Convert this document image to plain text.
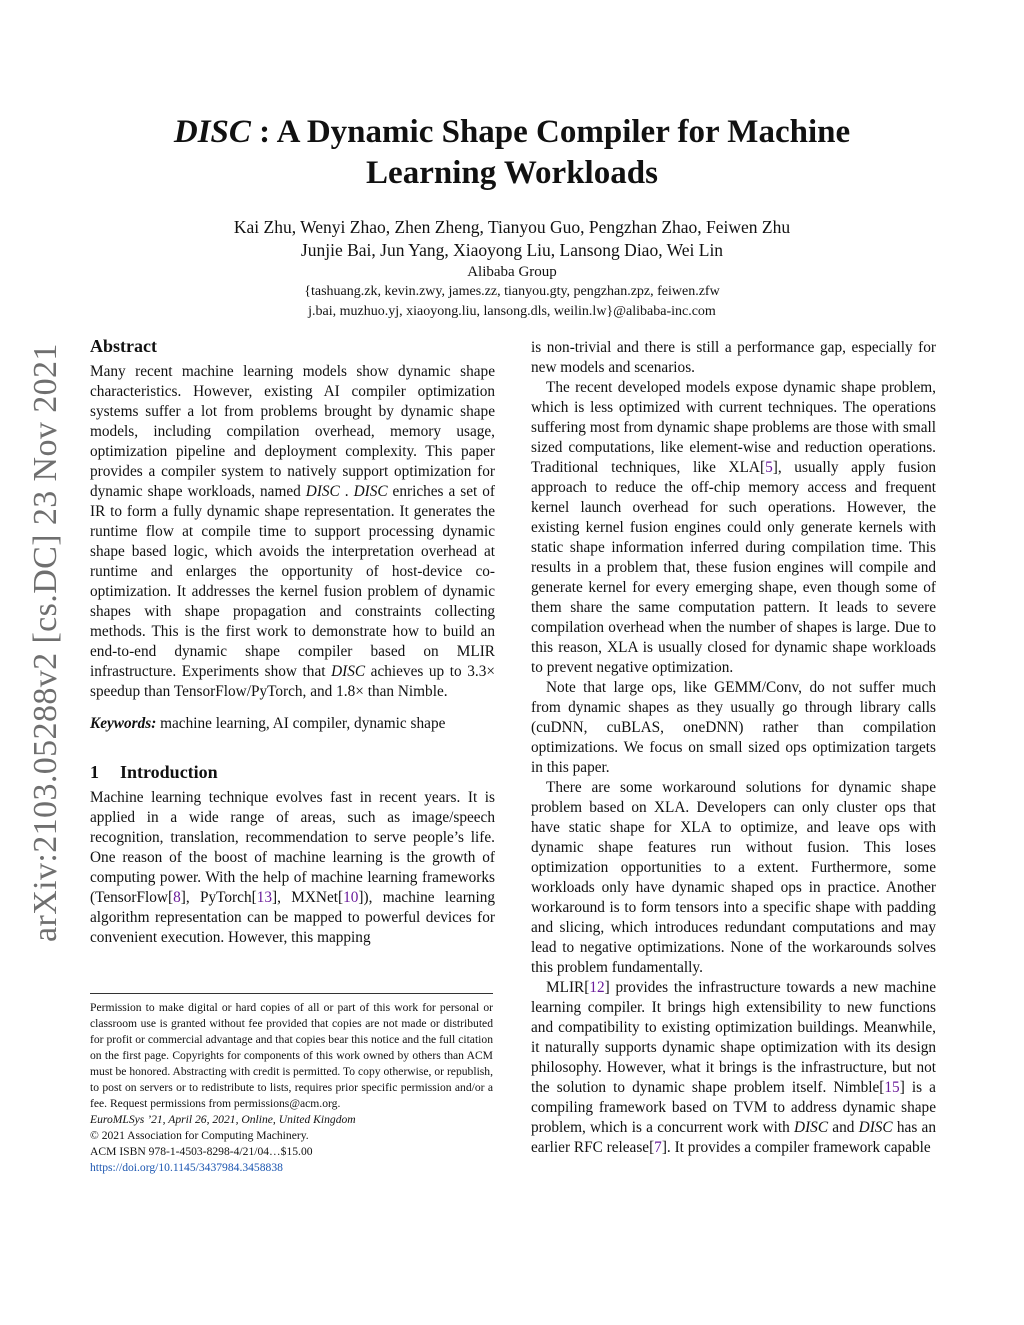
arXiv:2103.05288v2 [cs.DC] 23 Nov 2021
DISC : A Dynamic Shape Compiler for Machine
Learning Workloads
Kai Zhu, Wenyi Zhao, Zhen Zheng, Tianyou Guo, Pengzhan Zhao, Feiwen Zhu
Junjie Bai, Jun Yang, Xiaoyong Liu, Lansong Diao, Wei Lin
Alibaba Group
{tashuang.zk, kevin.zwy, james.zz, tianyou.gty, pengzhan.zpz, feiwen.zfw
j.bai, muzhuo.yj, xiaoyong.liu, lansong.dls, weilin.lw}@alibaba-inc.com
Abstract

Many recent machine learning models show dynamic shape characteristics. However, existing AI compiler optimization systems suffer a lot from problems brought by dynamic shape models, including compilation overhead, memory usage, optimization pipeline and deployment complexity. This paper provides a compiler system to natively support optimization for dynamic shape workloads, named DISC . DISC enriches a set of IR to form a fully dynamic shape representation. It generates the runtime flow at compile time to support processing dynamic shape based logic, which avoids the interpretation overhead at runtime and enlarges the opportunity of host-device co-optimization. It addresses the kernel fusion problem of dynamic shapes with shape propagation and constraints collecting methods. This is the first work to demonstrate how to build an end-to-end dynamic shape compiler based on MLIR infrastructure. Experiments show that DISC achieves up to 3.3× speedup than TensorFlow/PyTorch, and 1.8× than Nimble.

Keywords: machine learning, AI compiler, dynamic shape

1 Introduction

Machine learning technique evolves fast in recent years. It is applied in a wide range of areas, such as image/speech recognition, translation, recommendation to serve people’s life. One reason of the boost of machine learning is the growth of computing power. With the help of machine learning frameworks (TensorFlow[8], PyTorch[13], MXNet[10]), machine learning algorithm representation can be mapped to powerful devices for convenient execution. However, this mapping

is non-trivial and there is still a performance gap, especially for new models and scenarios.

The recent developed models expose dynamic shape problem, which is less optimized with current techniques. The operations suffering most from dynamic shape problems are those with small sized computations, like element-wise and reduction operations. Traditional techniques, like XLA[5], usually apply fusion approach to reduce the off-chip memory access and frequent kernel launch overhead for such operations. However, the existing kernel fusion engines could only generate kernels with static shape information inferred during compilation time. This results in a problem that, these fusion engines will compile and generate kernel for every emerging shape, even though some of them share the same computation pattern. It leads to severe compilation overhead when the number of shapes is large. Due to this reason, XLA is usually closed for dynamic shape workloads to prevent negative optimization.

Note that large ops, like GEMM/Conv, do not suffer much from dynamic shapes as they usually go through library calls (cuDNN, cuBLAS, oneDNN) rather than compilation optimizations. We focus on small sized ops optimization targets in this paper.

There are some workaround solutions for dynamic shape problem based on XLA. Developers can only cluster ops that have static shape for XLA to optimize, and leave ops with dynamic shape features run without fusion. This loses optimization opportunities to a extent. Furthermore, some workloads only have dynamic shaped ops in practice. Another workaround is to form tensors into a specific shape with padding and slicing, which introduces redundant computations and may lead to negative optimizations. None of the workarounds solves this problem fundamentally.

MLIR[12] provides the infrastructure towards a new machine learning compiler. It brings high extensibility to new functions and compatibility to existing optimization buildings. Meanwhile, it naturally supports dynamic shape optimization with its design philosophy. However, what it brings is the infrastructure, but not the solution to dynamic shape problem itself. Nimble[15] is a compiling framework based on TVM to address dynamic shape problem, which is a concurrent work with DISC and DISC has an earlier RFC release[7]. It provides a compiler framework capable

Permission to make digital or hard copies of all or part of this work for personal or classroom use is granted without fee provided that copies are not made or distributed for profit or commercial advantage and that copies bear this notice and the full citation on the first page. Copyrights for components of this work owned by others than ACM must be honored. Abstracting with credit is permitted. To copy otherwise, or republish, to post on servers or to redistribute to lists, requires prior specific permission and/or a fee. Request permissions from permissions@acm.org.
EuroMLSys ’21, April 26, 2021, Online, United Kingdom
© 2021 Association for Computing Machinery.
ACM ISBN 978-1-4503-8298-4/21/04…$15.00
https://doi.org/10.1145/3437984.3458838
